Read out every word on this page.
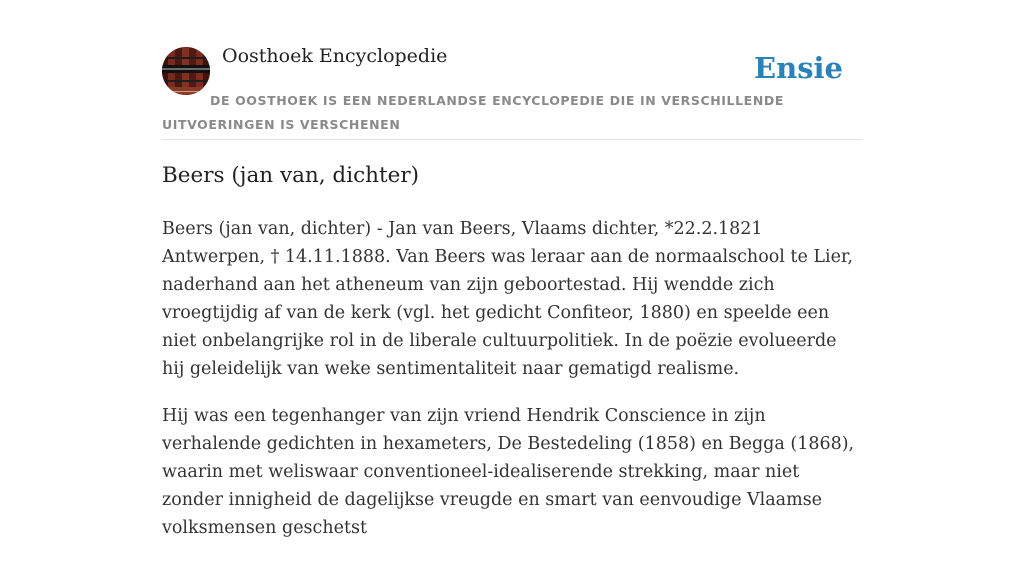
Oosthoek Encyclopedie	Ensie
DE OOSTHOEK IS EEN NEDERLANDSE ENCYCLOPEDIE DIE IN VERSCHILLENDE UITVOERINGEN IS VERSCHENEN
Beers (jan van, dichter)

Beers (jan van, dichter) - Jan van Beers, Vlaams dichter, *22.2.1821 Antwerpen, † 14.11.1888. Van Beers was leraar aan de normaalschool te Lier, naderhand aan het atheneum van zijn geboortestad. Hij wendde zich vroegtijdig af van de kerk (vgl. het gedicht Confiteor, 1880) en speelde een niet onbelangrijke rol in de liberale cultuurpolitiek. In de poëzie evolueerde hij geleidelijk van weke sentimentaliteit naar gematigd realisme.

Hij was een tegenhanger van zijn vriend Hendrik Conscience in zijn verhalende gedichten in hexameters, De Bestedeling (1858) en Begga (1868), waarin met weliswaar conventioneel-idealiserende strekking, maar niet zonder innigheid de dagelijkse vreugde en smart van eenvoudige Vlaamse volksmensen geschetst
